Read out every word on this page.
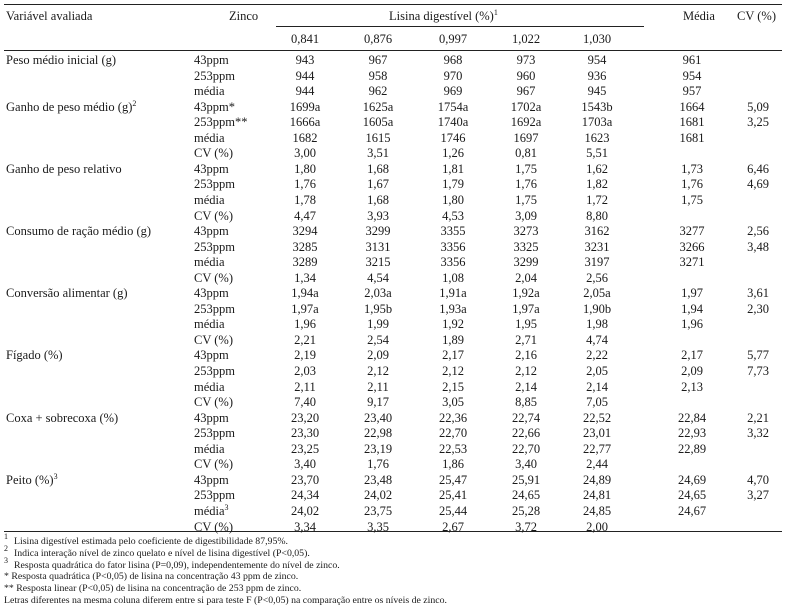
Variável avaliada	Zinco	Lisina digestível (%)$^1$	Média CV (%)
0,841	0,876	0,997	1,022	1,030
Peso médio inicial (g)	43ppm	943	967	968	973	954	961
253ppm	944	958	970	960	936	954
média	944	962	969	967	945	957
Ganho de peso médio $(g)^2$	43ppm*	1699a	1625a	1754a	1702a	1543b	1664	5,09
253ppm**	1666a	1605a	1740a	1692a	1703a	1681	3,25
média	1682	1615	1746	1697	1623	1681
CV (%)	3,00	3,51	1,26	0,81	5,51
Ganho de peso relativo	43ppm	1,80	1,68	1,81	1,75	1,62	1,73	6,46
253ppm	1,76	1,67	1,79	1,76	1,82	1,76	4,69
média	1,78	1,68	1,80	1,75	1,72	1,75
CV (%)	4,47	3,93	4,53	3,09	8,80
Consumo de ração médio (g)	43ppm	3294	3299	3355	3273	3162	3277	2,56
253ppm	3285	3131	3356	3325	3231	3266	3,48
média	3289	3215	3356	3299	3197	3271
CV (%)	1,34	4,54	1,08	2,04	2,56
Conversão alimentar (g)	43ppm	1,94a	2,03a	1,91a	1,92a	2,05a	1,97	3,61
253ppm	1,97a	1,95b	1,93a	1,97a	1,90b	1,94	2,30
média	1,96	1,99	1,92	1,95	1,98	1,96
CV (%)	2,21	2,54	1,89	2,71	4,74
Fígado (%)	43ppm	2,19	2,09	2,17	2,16	2,22	2,17	5,77
253ppm	2,03	2,12	2,12	2,12	2,05	2,09	7,73
média	2,11	2,11	2,15	2,14	2,14	2,13
CV (%)	7,40	9,17	3,05	8,85	7,05
Coxa + sobrecoxa (%)	43ppm	23,20	23,40	22,36	22,74	22,52	22,84	2,21
253ppm	23,30	22,98	22,70	22,66	23,01	22,93	3,32
média	23,25	23,19	22,53	22,70	22,77	22,89
CV (%)	3,40	1,76	1,86	3,40	2,44
Peito (%)$^3$	43ppm	23,70	23,48	25,47	25,91	24,89	24,69	4,70
253ppm	24,34	24,02	25,41	24,65	24,81	24,65	3,27
média$^3$	24,02	23,75	25,44	25,28	24,85	24,67
CV (%)	3,34	3,35	2,67	3,72	2,00
$^1$ Lisina digestível estimada pelo coeficiente de digestibilidade 87,95%.
$^2$ Indica interação nível de zinco quelato e nível de lisina digestível (P<0,05).
$^3$ Resposta quadrática do fator lisina (P=0,09), independentemente do nível de zinco.
* Resposta quadrática (P<0,05) de lisina na concentração 43 ppm de zinco.
** Resposta linear (P<0,05) de lisina na concentração de 253 ppm de zinco.
Letras diferentes na mesma coluna diferem entre si para teste F (P<0,05) na comparação entre os níveis de zinco.
